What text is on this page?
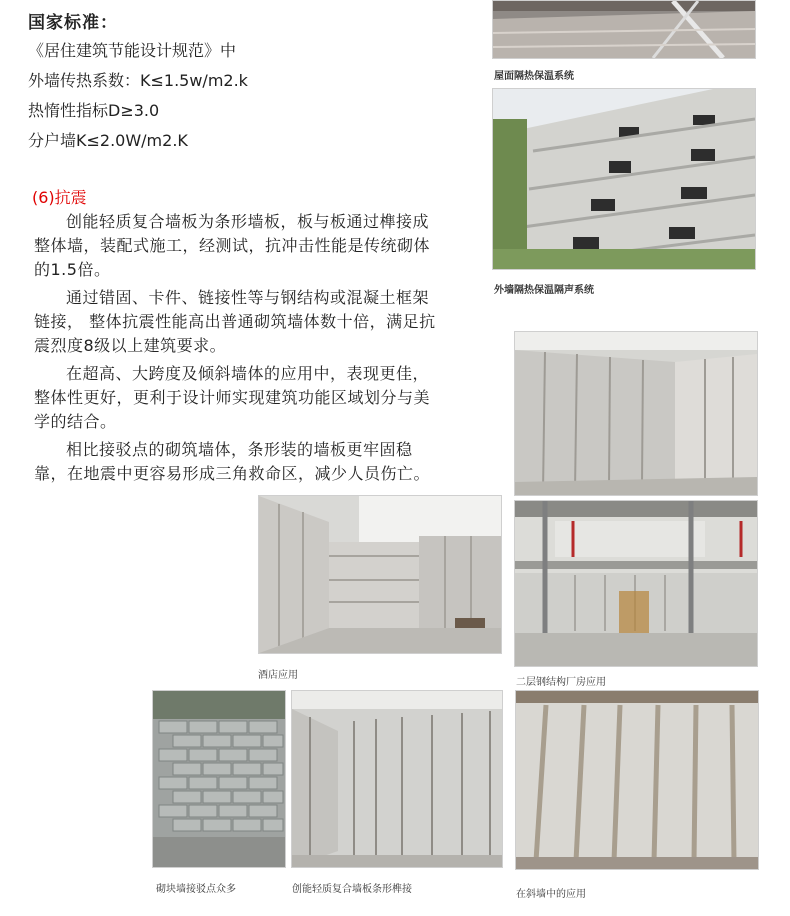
国家标准：
《居住建筑节能设计规范》中
外墙传热系数：K≤1.5w/m2.k
热惰性指标D≥3.0
分户墙K≤2.0W/m2.K
(6)抗震
创能轻质复合墙板为条形墙板，板与板通过榫接成整体墙，装配式施工，经测试，抗冲击性能是传统砌体的1.5倍。
通过错固、卡件、链接性等与钢结构或混凝土框架链接， 整体抗震性能高出普通砌筑墙体数十倍，满足抗震烈度8级以上建筑要求。
在超高、大跨度及倾斜墙体的应用中，表现更佳，整体性更好，更利于设计师实现建筑功能区域划分与美学的结合。
相比接驳点的砌筑墙体，条形装的墙板更牢固稳靠，在地震中更容易形成三角救命区，减少人员伤亡。
屋面隔热保温系统
外墙隔热保温隔声系统
酒店应用
二层钢结构厂房应用
砌块墙接驳点众多	创能轻质复合墙板条形榫接	在斜墙中的应用
